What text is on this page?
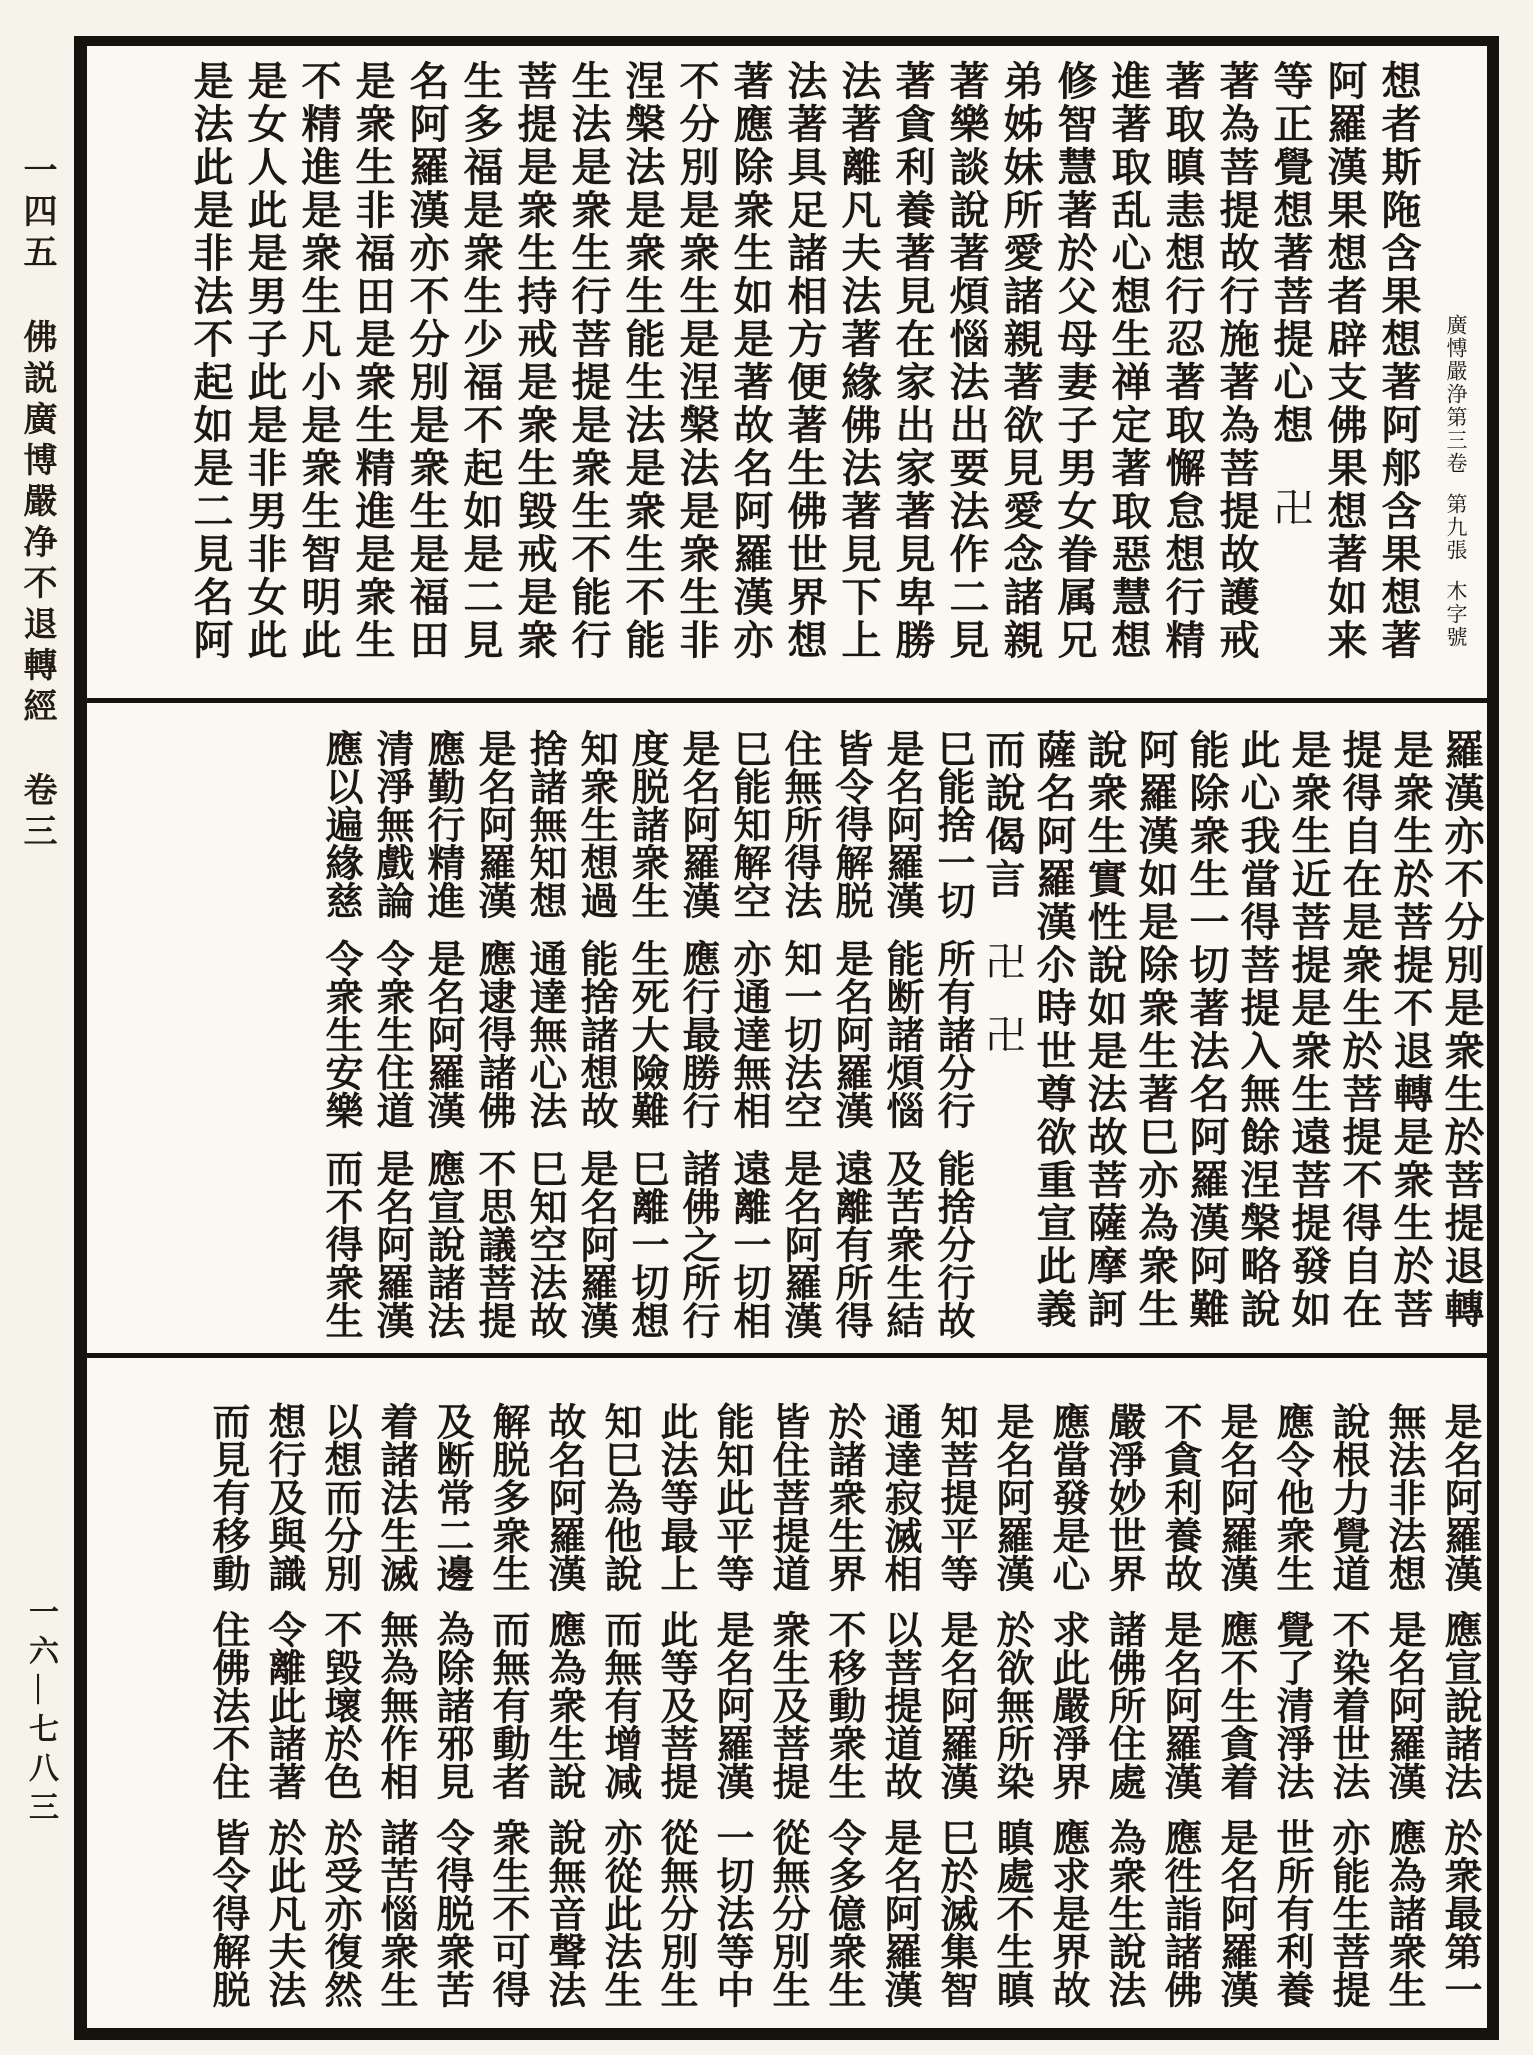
一四五 佛説廣博嚴净不退轉經 卷三
一六—七八三
廣愽嚴浄第三卷第九張木字號
想者斯陁含果想著阿郍含果想著
阿羅漢果想者辟支佛果想著如来
等正覺想著菩提心想卍
著為菩提故行施著為菩提故護戒
著取瞋恚想行忍著取懈怠想行精
進著取乱心想生禅定著取惡慧想
修智慧著於父母妻子男女眷属兄
弟姊妹所愛諸親著欲見愛念諸親
著樂談說著煩惱法出要法作二見
著貪利養著見在家出家著見卑勝
法著離凡夫法著緣佛法著見下上
法著具足諸相方便著生佛世界想
著應除衆生如是著故名阿羅漢亦
不分別是衆生是涅槃法是衆生非
涅槃法是衆生能生法是衆生不能
生法是衆生行菩提是衆生不能行
菩提是衆生持戒是衆生毀戒是衆
生多福是衆生少福不起如是二見
名阿羅漢亦不分別是衆生是福田
是衆生非福田是衆生精進是衆生
不精進是衆生凡小是衆生智明此
是女人此是男子此是非男非女此
是法此是非法不起如是二見名阿
羅漢亦不分別是衆生於菩提退轉
是衆生於菩提不退轉是衆生於菩
提得自在是衆生於菩提不得自在
是衆生近菩提是衆生遠菩提發如
此心我當得菩提入無餘涅槃略說
能除衆生一切著法名阿羅漢阿難
阿羅漢如是除衆生著巳亦為衆生
說衆生實性說如是法故菩薩摩訶
薩名阿羅漢尒時世尊欲重宣此義
而說偈言卍卍
巳能捨一切所有諸分行能捨分行故
是名阿羅漢能断諸煩惱及苦衆生結
皆令得解脱是名阿羅漢遠離有所得
住無所得法知一切法空是名阿羅漢
巳能知解空亦通達無相遠離一切相
是名阿羅漢應行最勝行諸佛之所行
度脱諸衆生生死大險難巳離一切想
知衆生想過能捨諸想故是名阿羅漢
捨諸無知想通達無心法巳知空法故
是名阿羅漢應逮得諸佛不思議菩提
應勤行精進是名阿羅漢應宣說諸法
清淨無戲論令衆生住道是名阿羅漢
應以遍緣慈令衆生安樂而不得衆生
是名阿羅漢應宣說諸法於衆最第一
無法非法想是名阿羅漢應為諸衆生
說根力覺道不染着世法亦能生菩提
應令他衆生覺了清淨法世所有利養
是名阿羅漢應不生貪着是名阿羅漢
不貪利養故是名阿羅漢應徃詣諸佛
嚴淨妙世界諸佛所住處為衆生說法
應當發是心求此嚴淨界應求是界故
是名阿羅漢於欲無所染瞋處不生瞋
知菩提平等是名阿羅漢巳於滅集智
通達寂滅相以菩提道故是名阿羅漢
於諸衆生界不移動衆生令多億衆生
皆住菩提道衆生及菩提從無分別生
能知此平等是名阿羅漢一切法等中
此法等最上此等及菩提從無分別生
知巳為他說而無有增减亦從此法生
故名阿羅漢應為衆生說說無音聲法
解脱多衆生而無有動者衆生不可得
及断常二邊為除諸邪見令得脱衆苦
着諸法生滅無為無作相諸苦惱衆生
以想而分別不毀壞於色於受亦復然
想行及與識令離此諸著於此凡夫法
而見有移動住佛法不住皆令得解脱
